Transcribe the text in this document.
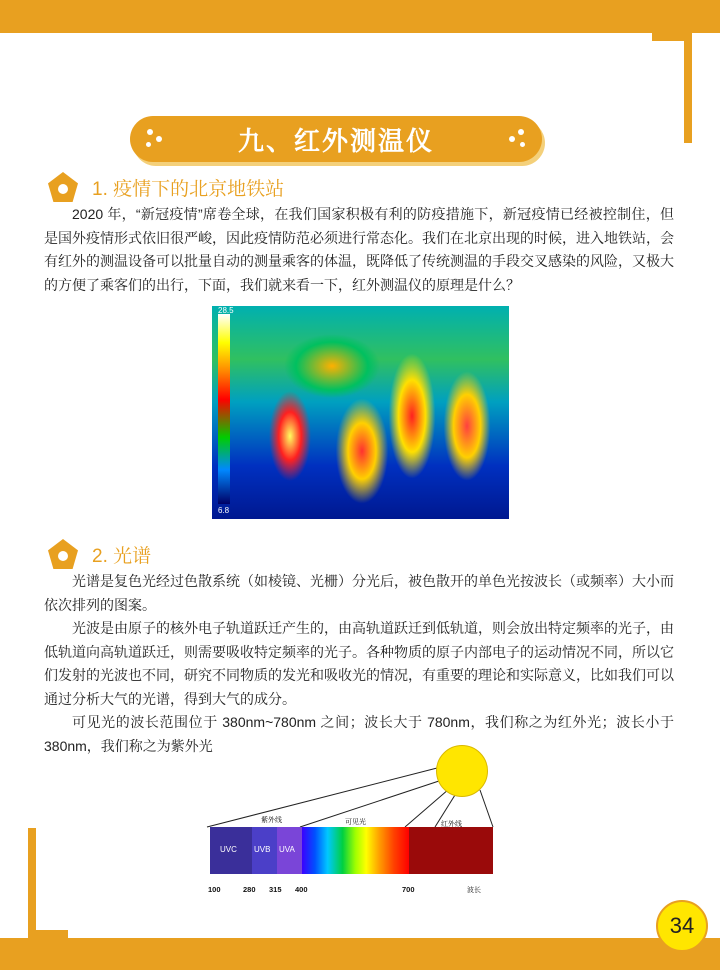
九、红外测温仪
1. 疫情下的北京地铁站

2020 年，“新冠疫情”席卷全球，在我们国家积极有利的防疫措施下，新冠疫情已经被控制住，但是国外疫情形式依旧很严峻，因此疫情防范必须进行常态化。我们在北京出现的时候，进入地铁站，会有红外的测温设备可以批量自动的测量乘客的体温，既降低了传统测温的手段交叉感染的风险，又极大的方便了乘客们的出行，下面，我们就来看一下，红外测温仪的原理是什么？

28.5
6.8
2. 光谱

光谱是复色光经过色散系统（如棱镜、光栅）分光后，被色散开的单色光按波长（或频率）大小而依次排列的图案。

光波是由原子的核外电子轨道跃迁产生的，由高轨道跃迁到低轨道，则会放出特定频率的光子，由低轨道向高轨道跃迁，则需要吸收特定频率的光子。各种物质的原子内部电子的运动情况不同，所以它们发射的光波也不同，研究不同物质的发光和吸收光的情况，有重要的理论和实际意义，比如我们可以通过分析大气的光谱，得到大气的成分。

可见光的波长范围位于 380nm~780nm 之间；波长大于 780nm，我们称之为红外光；波长小于 380nm，我们称之为紫外光

UVC UVB UVA
紫外线	可见光	红外线
100	280 315 400	700	波长
34
